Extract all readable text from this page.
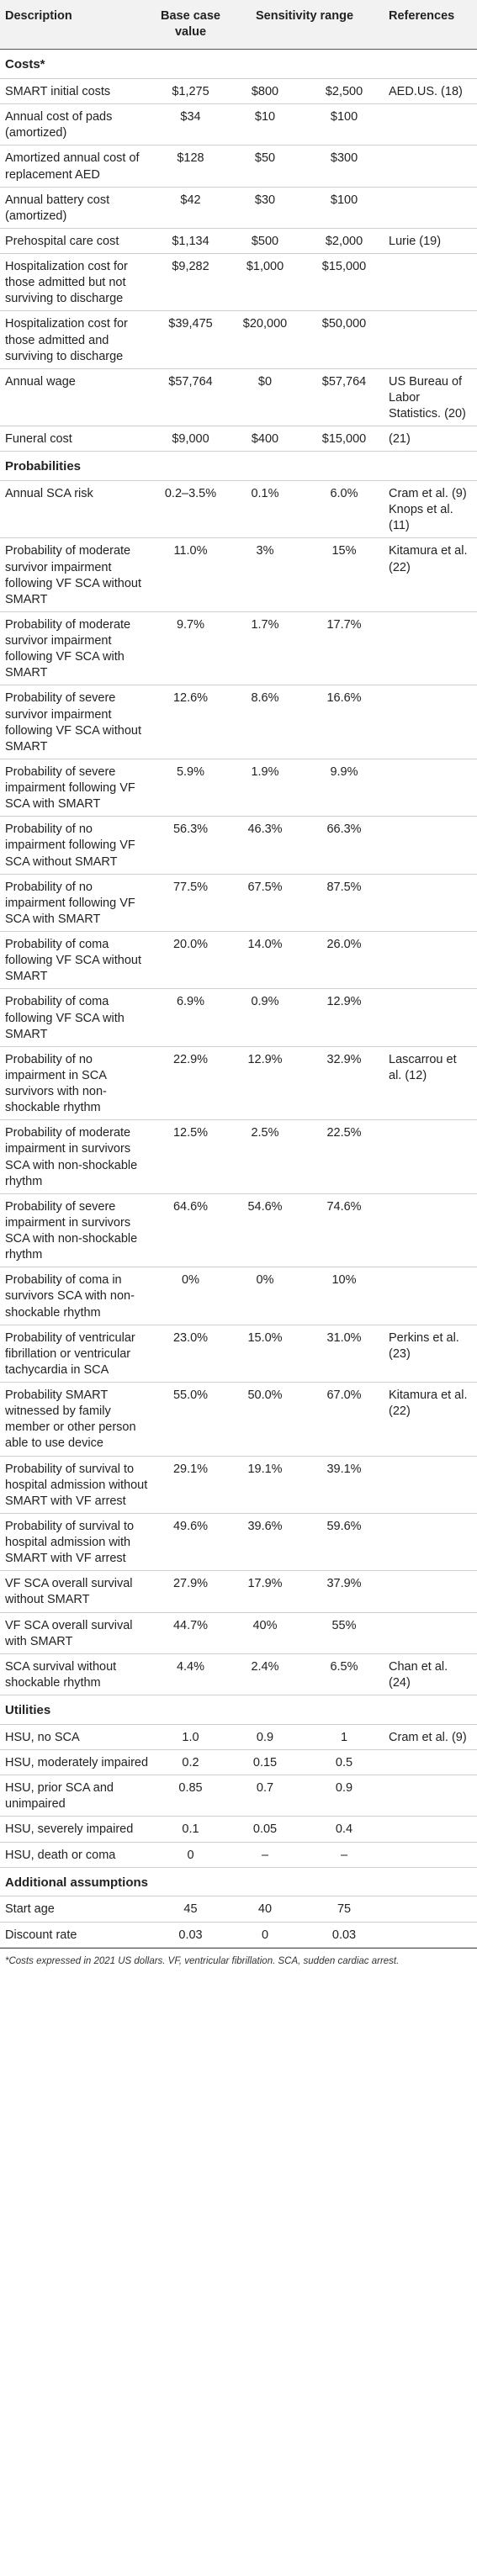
Description	Base case value	Sensitivity range		References
Costs*				
SMART initial costs	$1,275	$800	$2,500	AED.US. (18)
Annual cost of pads (amortized)	$34	$10	$100	
Amortized annual cost of replacement AED	$128	$50	$300	
Annual battery cost (amortized)	$42	$30	$100	
Prehospital care cost	$1,134	$500	$2,000	Lurie (19)
Hospitalization cost for those admitted but not surviving to discharge	$9,282	$1,000	$15,000	
Hospitalization cost for those admitted and surviving to discharge	$39,475	$20,000	$50,000	
Annual wage	$57,764	$0	$57,764	US Bureau of Labor Statistics. (20)
Funeral cost	$9,000	$400	$15,000	(21)
Probabilities				
Annual SCA risk	0.2–3.5%	0.1%	6.0%	Cram et al. (9) Knops et al. (11)
Probability of moderate survivor impairment following VF SCA without SMART	11.0%	3%	15%	Kitamura et al. (22)
Probability of moderate survivor impairment following VF SCA with SMART	9.7%	1.7%	17.7%	
Probability of severe survivor impairment following VF SCA without SMART	12.6%	8.6%	16.6%	
Probability of severe impairment following VF SCA with SMART	5.9%	1.9%	9.9%	
Probability of no impairment following VF SCA without SMART	56.3%	46.3%	66.3%	
Probability of no impairment following VF SCA with SMART	77.5%	67.5%	87.5%	
Probability of coma following VF SCA without SMART	20.0%	14.0%	26.0%	
Probability of coma following VF SCA with SMART	6.9%	0.9%	12.9%	
Probability of no impairment in SCA survivors with non-shockable rhythm	22.9%	12.9%	32.9%	Lascarrou et al. (12)
Probability of moderate impairment in survivors SCA with non-shockable rhythm	12.5%	2.5%	22.5%	
Probability of severe impairment in survivors SCA with non-shockable rhythm	64.6%	54.6%	74.6%	
Probability of coma in survivors SCA with non-shockable rhythm	0%	0%	10%	
Probability of ventricular fibrillation or ventricular tachycardia in SCA	23.0%	15.0%	31.0%	Perkins et al. (23)
Probability SMART witnessed by family member or other person able to use device	55.0%	50.0%	67.0%	Kitamura et al. (22)
Probability of survival to hospital admission without SMART with VF arrest	29.1%	19.1%	39.1%	
Probability of survival to hospital admission with SMART with VF arrest	49.6%	39.6%	59.6%	
VF SCA overall survival without SMART	27.9%	17.9%	37.9%	
VF SCA overall survival with SMART	44.7%	40%	55%	
SCA survival without shockable rhythm	4.4%	2.4%	6.5%	Chan et al. (24)
Utilities				
HSU, no SCA	1.0	0.9	1	Cram et al. (9)
HSU, moderately impaired	0.2	0.15	0.5	
HSU, prior SCA and unimpaired	0.85	0.7	0.9	
HSU, severely impaired	0.1	0.05	0.4	
HSU, death or coma	0	–	–	
Additional assumptions				
Start age	45	40	75	
Discount rate	0.03	0	0.03	
*Costs expressed in 2021 US dollars. VF, ventricular fibrillation. SCA, sudden cardiac arrest.
